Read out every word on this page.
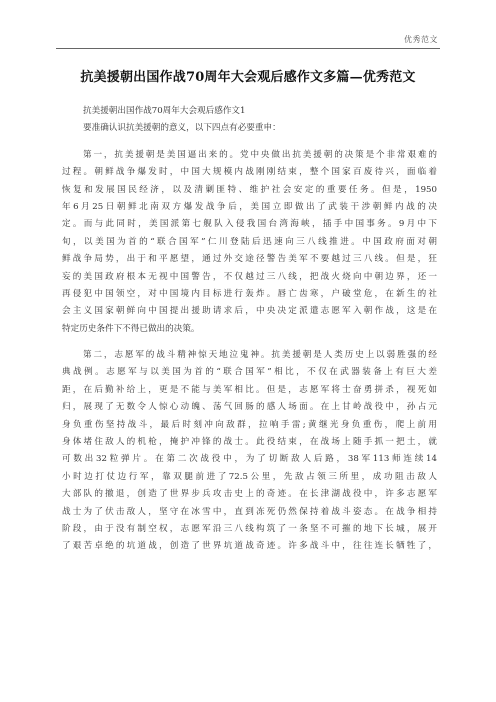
优秀范文
抗美援朝出国作战70周年大会观后感作文多篇—优秀范文
抗美援朝出国作战70周年大会观后感作文1
要准确认识抗美援朝的意义，以下四点有必要重申：
第一，抗美援朝是美国逼出来的。党中央做出抗美援朝的决策是个非常艰难的
过程。朝鲜战争爆发时，中国大规模内战刚刚结束，整个国家百废待兴，面临着
恢复和发展国民经济，以及清剿匪特、维护社会安定的重要任务。但是，1950
年6月25日朝鲜北南双方爆发战争后，美国立即做出了武装干涉朝鲜内战的决
定。而与此同时，美国派第七舰队入侵我国台湾海峡，插手中国事务。9月中下
旬，以美国为首的“联合国军”仁川登陆后迅速向三八线推进。中国政府面对朝
鲜战争局势，出于和平愿望，通过外交途径警告美军不要越过三八线。但是，狂
妄的美国政府根本无视中国警告，不仅越过三八线，把战火烧向中朝边界，还一
再侵犯中国领空，对中国境内目标进行轰炸。唇亡齿寒，户破堂危，在新生的社
会主义国家朝鲜向中国提出援助请求后，中央决定派遣志愿军入朝作战，这是在
特定历史条件下不得已做出的决策。
第二，志愿军的战斗精神惊天地泣鬼神。抗美援朝是人类历史上以弱胜强的经
典战例。志愿军与以美国为首的“联合国军”相比，不仅在武器装备上有巨大差
距，在后勤补给上，更是不能与美军相比。但是，志愿军将士奋勇拼杀，视死如
归，展现了无数令人惊心动魄、荡气回肠的感人场面。在上甘岭战役中，孙占元
身负重伤坚持战斗，最后时刻冲向敌群，拉响手雷;黄继光身负重伤，爬上前用
身体堵住敌人的机枪，掩护冲锋的战士。此役结束，在战场上随手抓一把土，就
可数出32粒弹片。在第二次战役中，为了切断敌人后路，38军113师连续14
小时边打仗边行军，靠双腿前进了72.5公里，先敌占领三所里，成功阻击敌人
大部队的撤退，创造了世界步兵攻击史上的奇迹。在长津湖战役中，许多志愿军
战士为了伏击敌人，坚守在冰雪中，直到冻死仍然保持着战斗姿态。在战争相持
阶段，由于没有制空权，志愿军沿三八线构筑了一条坚不可摧的地下长城，展开
了艰苦卓绝的坑道战，创造了世界坑道战奇迹。许多战斗中，往往连长牺牲了，
